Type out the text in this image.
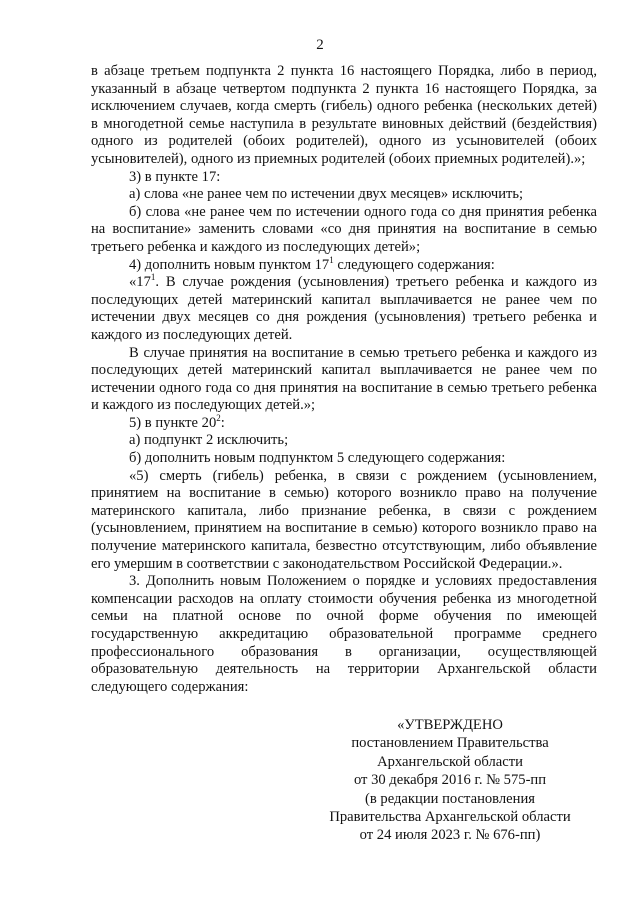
2

в абзаце третьем подпункта 2 пункта 16 настоящего Порядка, либо в период, указанный в абзаце четвертом подпункта 2 пункта 16 настоящего Порядка, за исключением случаев, когда смерть (гибель) одного ребенка (нескольких детей) в многодетной семье наступила в результате виновных действий (бездействия) одного из родителей (обоих родителей), одного из усыновителей (обоих усыновителей), одного из приемных родителей (обоих приемных родителей).»;

3) в пункте 17:

а) слова «не ранее чем по истечении двух месяцев» исключить;

б) слова «не ранее чем по истечении одного года со дня принятия ребенка на воспитание» заменить словами «со дня принятия на воспитание в семью третьего ребенка и каждого из последующих детей»;

4) дополнить новым пунктом $17^1$ следующего содержания:

«$17^1$. В случае рождения (усыновления) третьего ребенка и каждого из последующих детей материнский капитал выплачивается не ранее чем по истечении двух месяцев со дня рождения (усыновления) третьего ребенка и каждого из последующих детей.

В случае принятия на воспитание в семью третьего ребенка и каждого из последующих детей материнский капитал выплачивается не ранее чем по истечении одного года со дня принятия на воспитание в семью третьего ребенка и каждого из последующих детей.»;

5) в пункте $20^2$:

а) подпункт 2 исключить;

б) дополнить новым подпунктом 5 следующего содержания:

«5) смерть (гибель) ребенка, в связи с рождением (усыновлением, принятием на воспитание в семью) которого возникло право на получение материнского капитала, либо признание ребенка, в связи с рождением (усыновлением, принятием на воспитание в семью) которого возникло право на получение материнского капитала, безвестно отсутствующим, либо объявление его умершим в соответствии с законодательством Российской Федерации.».

3. Дополнить новым Положением о порядке и условиях предоставления компенсации расходов на оплату стоимости обучения ребенка из многодетной семьи на платной основе по очной форме обучения по имеющей государственную аккредитацию образовательной программе среднего профессионального образования в организации, осуществляющей образовательную деятельность на территории Архангельской области следующего содержания:

«УТВЕРЖДЕНО
постановлением Правительства
Архангельской области
от 30 декабря 2016 г. № 575-пп
(в редакции постановления
Правительства Архангельской области
от 24 июля 2023 г. № 676-пп)
